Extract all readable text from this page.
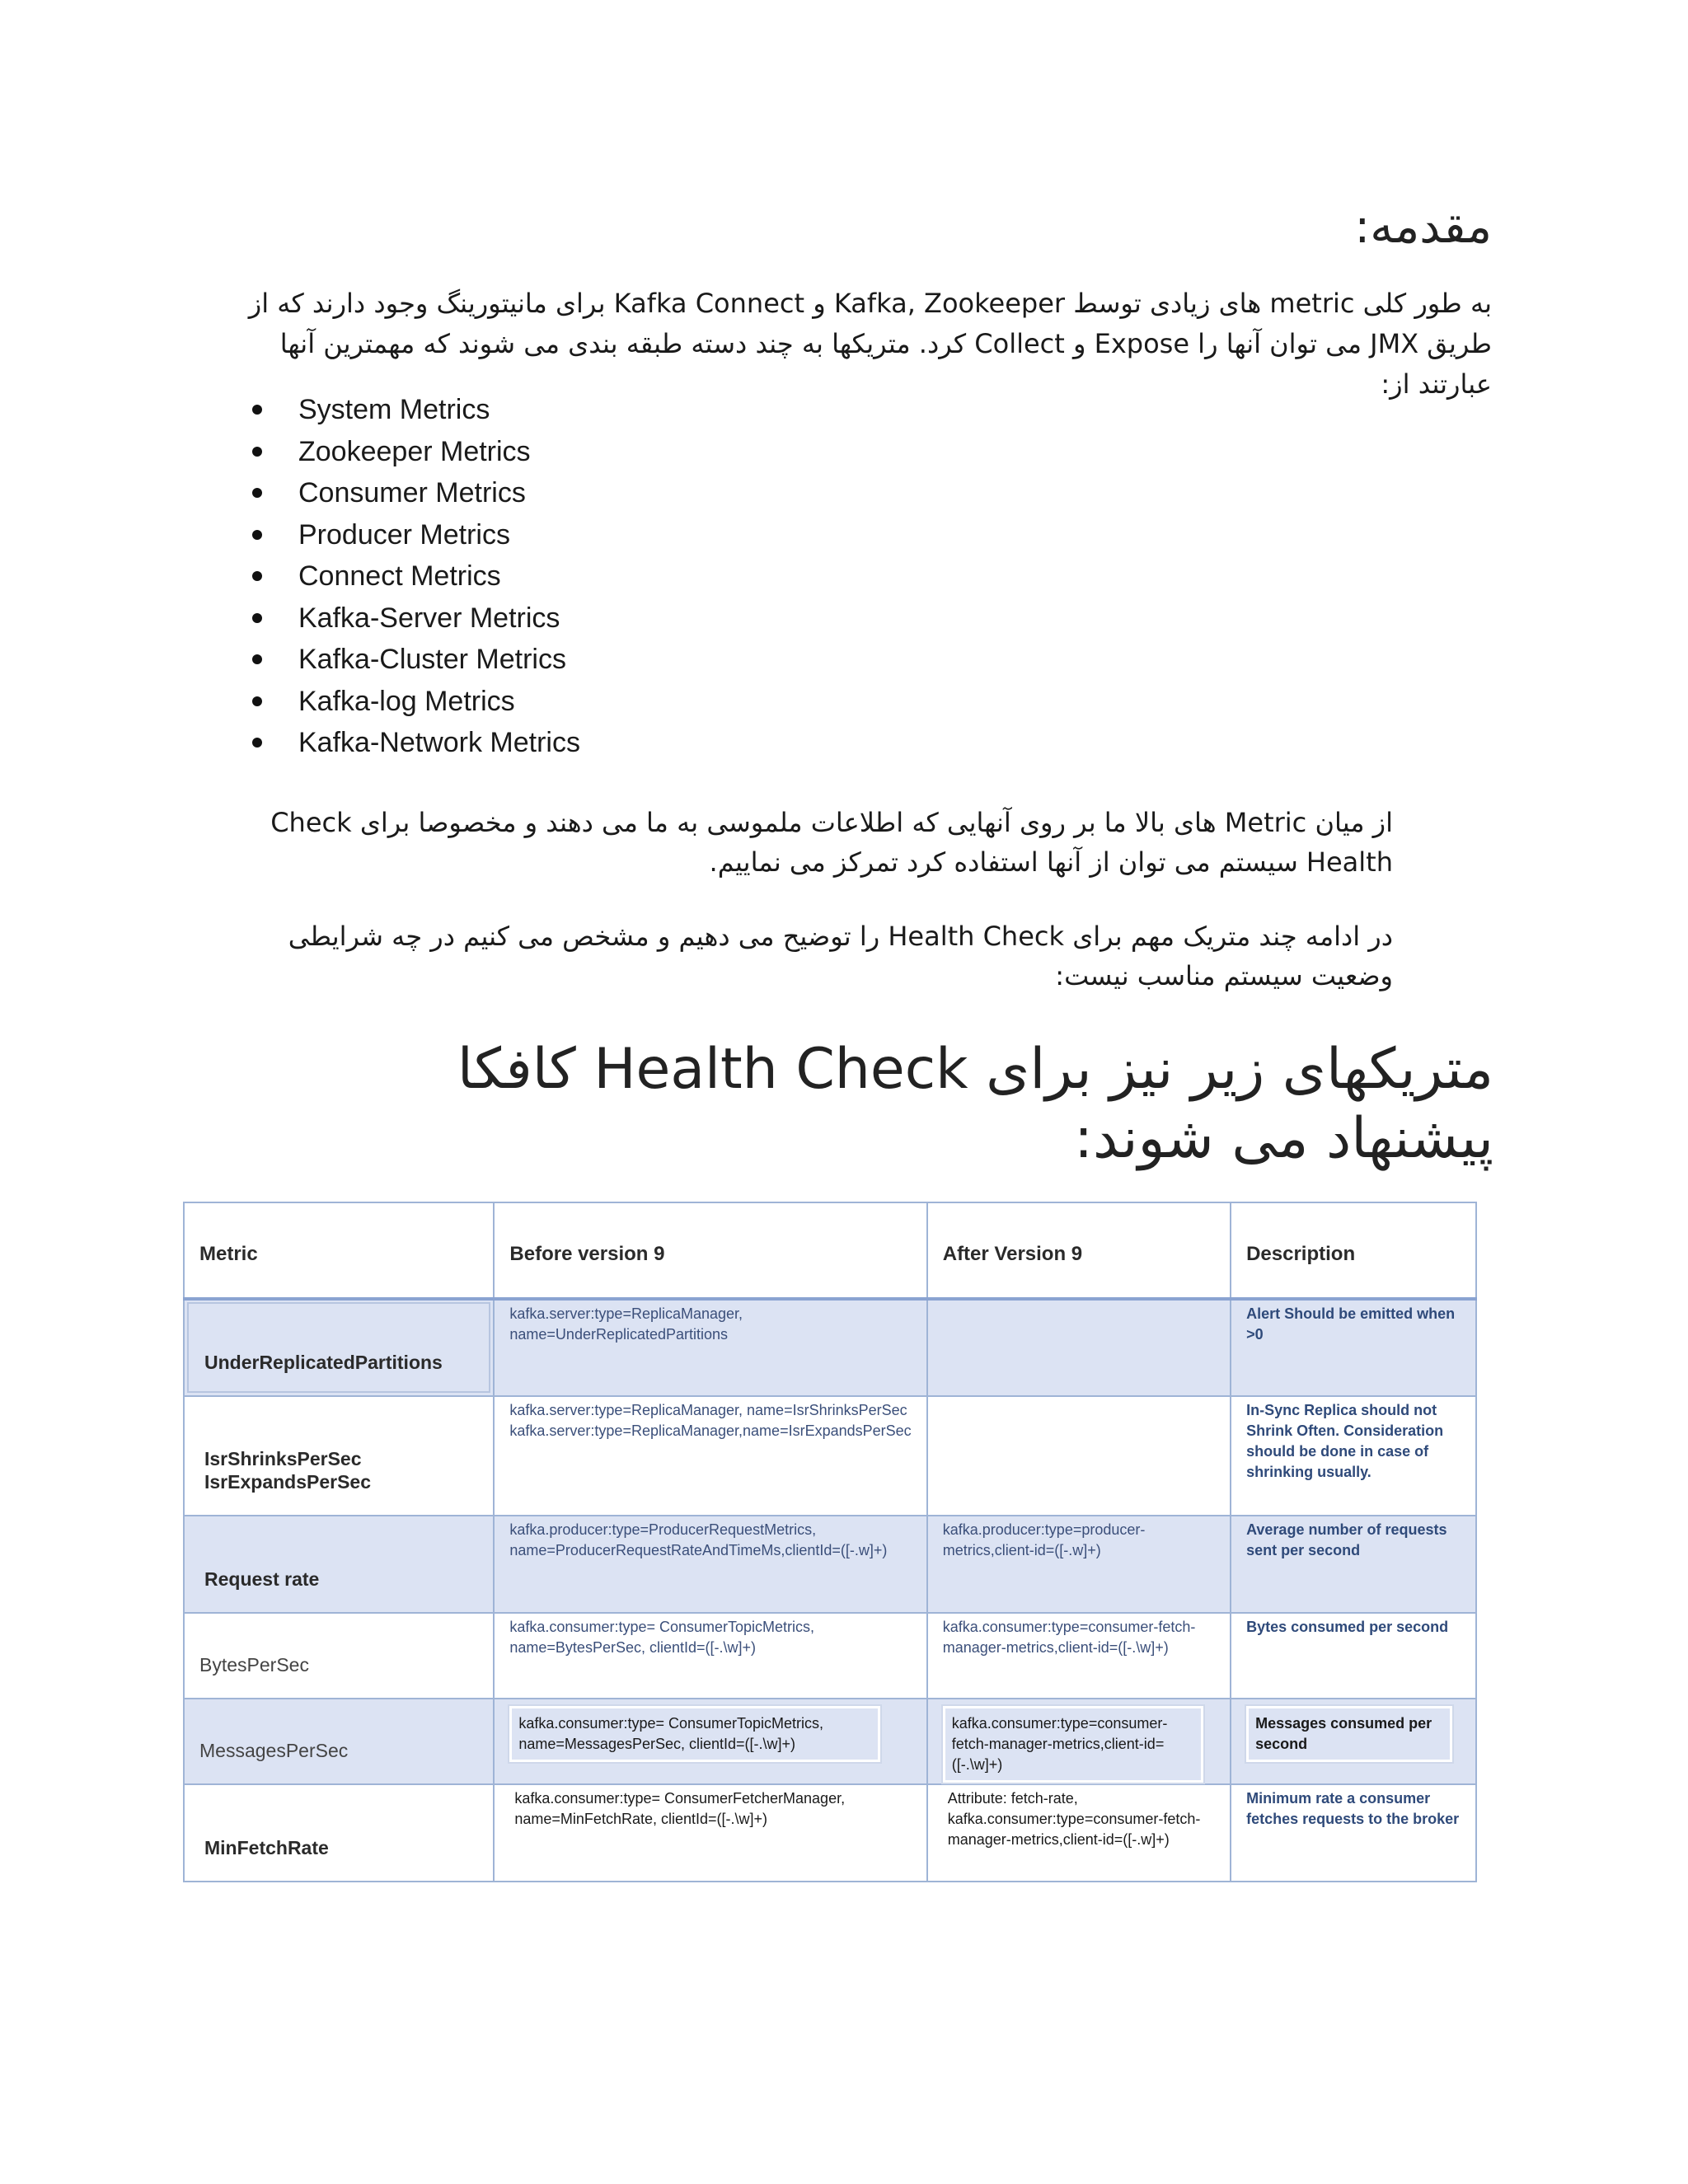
مقدمه:

به طور کلی metric های زیادی توسط Kafka, Zookeeper و Kafka Connect برای مانیتورینگ وجود دارند که از طریق JMX می توان آنها را Expose و Collect کرد. متریکها به چند دسته طبقه بندی می شوند که مهمترین آنها عبارتند از:

System Metrics
Zookeeper Metrics
Consumer Metrics
Producer Metrics
Connect Metrics
Kafka-Server Metrics
Kafka-Cluster Metrics
Kafka-log Metrics
Kafka-Network Metrics

از میان Metric های بالا ما بر روی آنهایی که اطلاعات ملموسی به ما می دهند و مخصوصا برای Check Health سیستم می توان از آنها استفاده کرد تمرکز می نماییم.

در ادامه چند متریک مهم برای Health Check را توضیح می دهیم و مشخص می کنیم در چه شرایطی وضعیت سیستم مناسب نیست:

متریکهای زیر نیز برای Health Check کافکا پیشنهاد می شوند:
Metric	Before version 9	After Version 9	Description

UnderReplicatedPartitions	kafka.server:type=ReplicaManager,
name=UnderReplicatedPartitions		Alert Should be emitted when >0

IsrShrinksPerSec
IsrExpandsPerSec	kafka.server:type=ReplicaManager, name=IsrShrinksPerSec
kafka.server:type=ReplicaManager,name=IsrExpandsPerSec		In-Sync Replica should not Shrink Often. Consideration should be done in case of shrinking usually.

Request rate	kafka.producer:type=ProducerRequestMetrics,
name=ProducerRequestRateAndTimeMs,clientId=([-.w]+)	kafka.producer:type=producer-metrics,client-id=([-.w]+)	Average number of requests sent per second

BytesPerSec	kafka.consumer:type= ConsumerTopicMetrics,
name=BytesPerSec, clientId=([-.\w]+)	kafka.consumer:type=consumer-fetch-manager-metrics,client-id=([-.\w]+)	Bytes consumed per second

MessagesPerSec	kafka.consumer:type= ConsumerTopicMetrics,
name=MessagesPerSec, clientId=([-.\w]+)	kafka.consumer:type=consumer-fetch-manager-metrics,client-id=([-.\w]+)	Messages consumed per second

MinFetchRate	kafka.consumer:type= ConsumerFetcherManager,
name=MinFetchRate, clientId=([-.\w]+)	Attribute: fetch-rate,
kafka.consumer:type=consumer-fetch-manager-metrics,client-id=([-.w]+)	Minimum rate a consumer fetches requests to the broker
